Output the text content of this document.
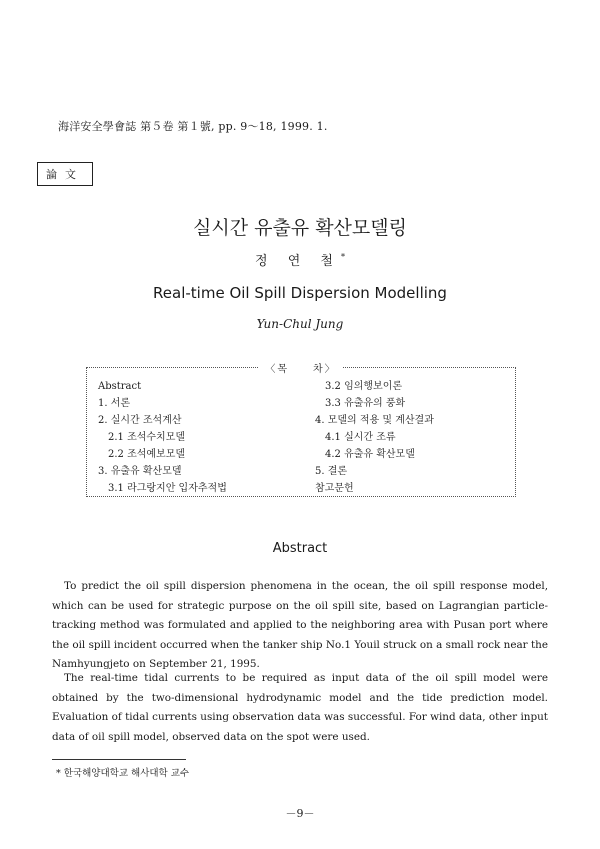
海洋安全學會誌 第５卷 第１號, pp. 9～18, 1999. 1.
論文
실시간 유출유 확산모델링
정 연 철*
Real-time Oil Spill Dispersion Modelling
Yun-Chul Jung
〈목　　차〉
Abstract
1. 서론
2. 실시간 조석계산
2.1 조석수치모델
2.2 조석예보모델
3. 유출유 확산모델
3.1 라그랑지안 입자추적법
3.2 임의행보이론
3.3 유출유의 풍화
4. 모델의 적용 및 계산결과
4.1 실시간 조류
4.2 유출유 확산모델
5. 결론
참고문헌
Abstract

To predict the oil spill dispersion phenomena in the ocean, the oil spill response model, which can be used for strategic purpose on the oil spill site, based on Lagrangian particle-tracking method was formulated and applied to the neighboring area with Pusan port where the oil spill incident occurred when the tanker ship No.1 Youil struck on a small rock near the Namhyungjeto on September 21, 1995.

The real-time tidal currents to be required as input data of the oil spill model were obtained by the two-dimensional hydrodynamic model and the tide prediction model. Evaluation of tidal currents using observation data was successful. For wind data, other input data of oil spill model, observed data on the spot were used.

* 한국해양대학교 해사대학 교수
－9－
